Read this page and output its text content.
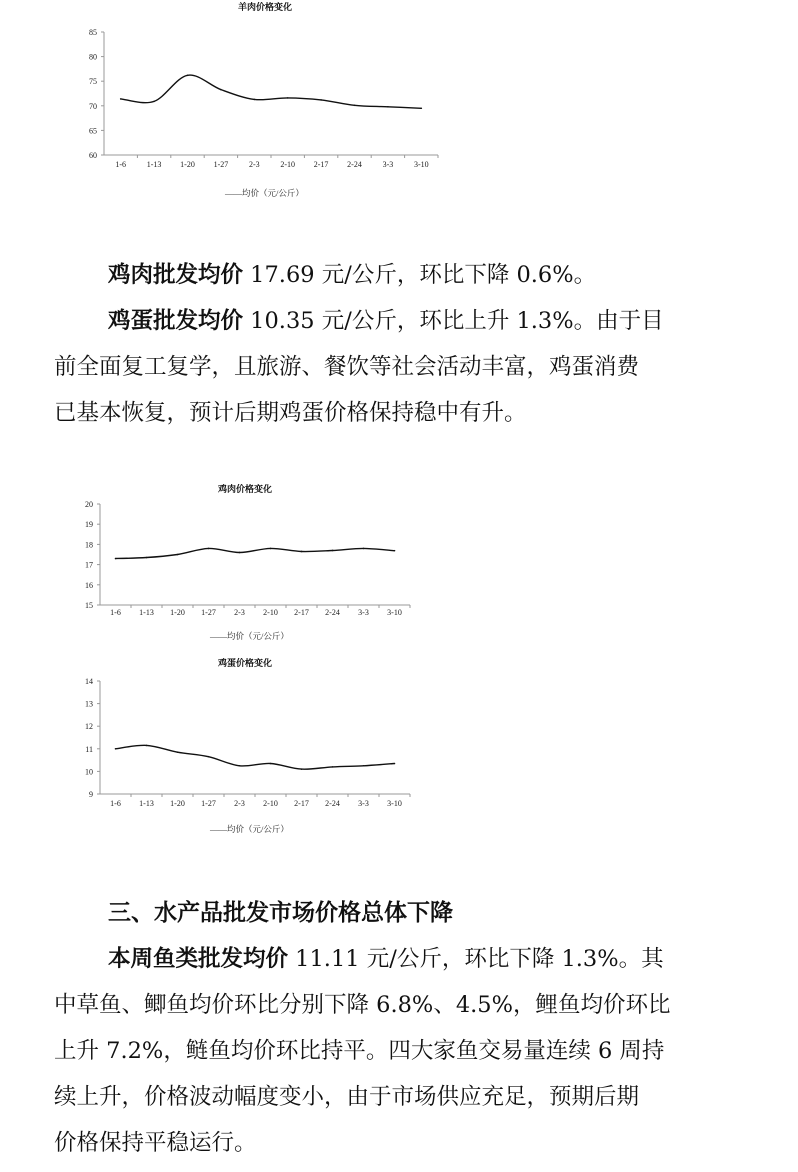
羊肉价格变化
60
65
70
75
80
85
1-6	1-13 1-20 1-27	2-3	2-10 2-17 2-24	3-3	3-10
——均价（元/公斤）

鸡肉批发均价 17.69 元/公斤，环比下降 0.6%。

鸡蛋批发均价 10.35 元/公斤，环比上升 1.3%。由于目
前全面复工复学，且旅游、餐饮等社会活动丰富，鸡蛋消费
已基本恢复，预计后期鸡蛋价格保持稳中有升。

鸡肉价格变化
15
16
17
18
19
20
1-6 1-13 1-20 1-27 2-3 2-10 2-17 2-24 3-3 3-10
——均价（元/公斤）
鸡蛋价格变化
9
10
11
12
13
14
1-6 1-13 1-20 1-27 2-3 2-10 2-17 2-24 3-3 3-10
——均价（元/公斤）
三、水产品批发市场价格总体下降

本周鱼类批发均价 11.11 元/公斤，环比下降 1.3%。其
中草鱼、鲫鱼均价环比分别下降 6.8%、4.5%，鲤鱼均价环比
上升 7.2%，鲢鱼均价环比持平。四大家鱼交易量连续 6 周持
续上升，价格波动幅度变小，由于市场供应充足，预期后期
价格保持平稳运行。
